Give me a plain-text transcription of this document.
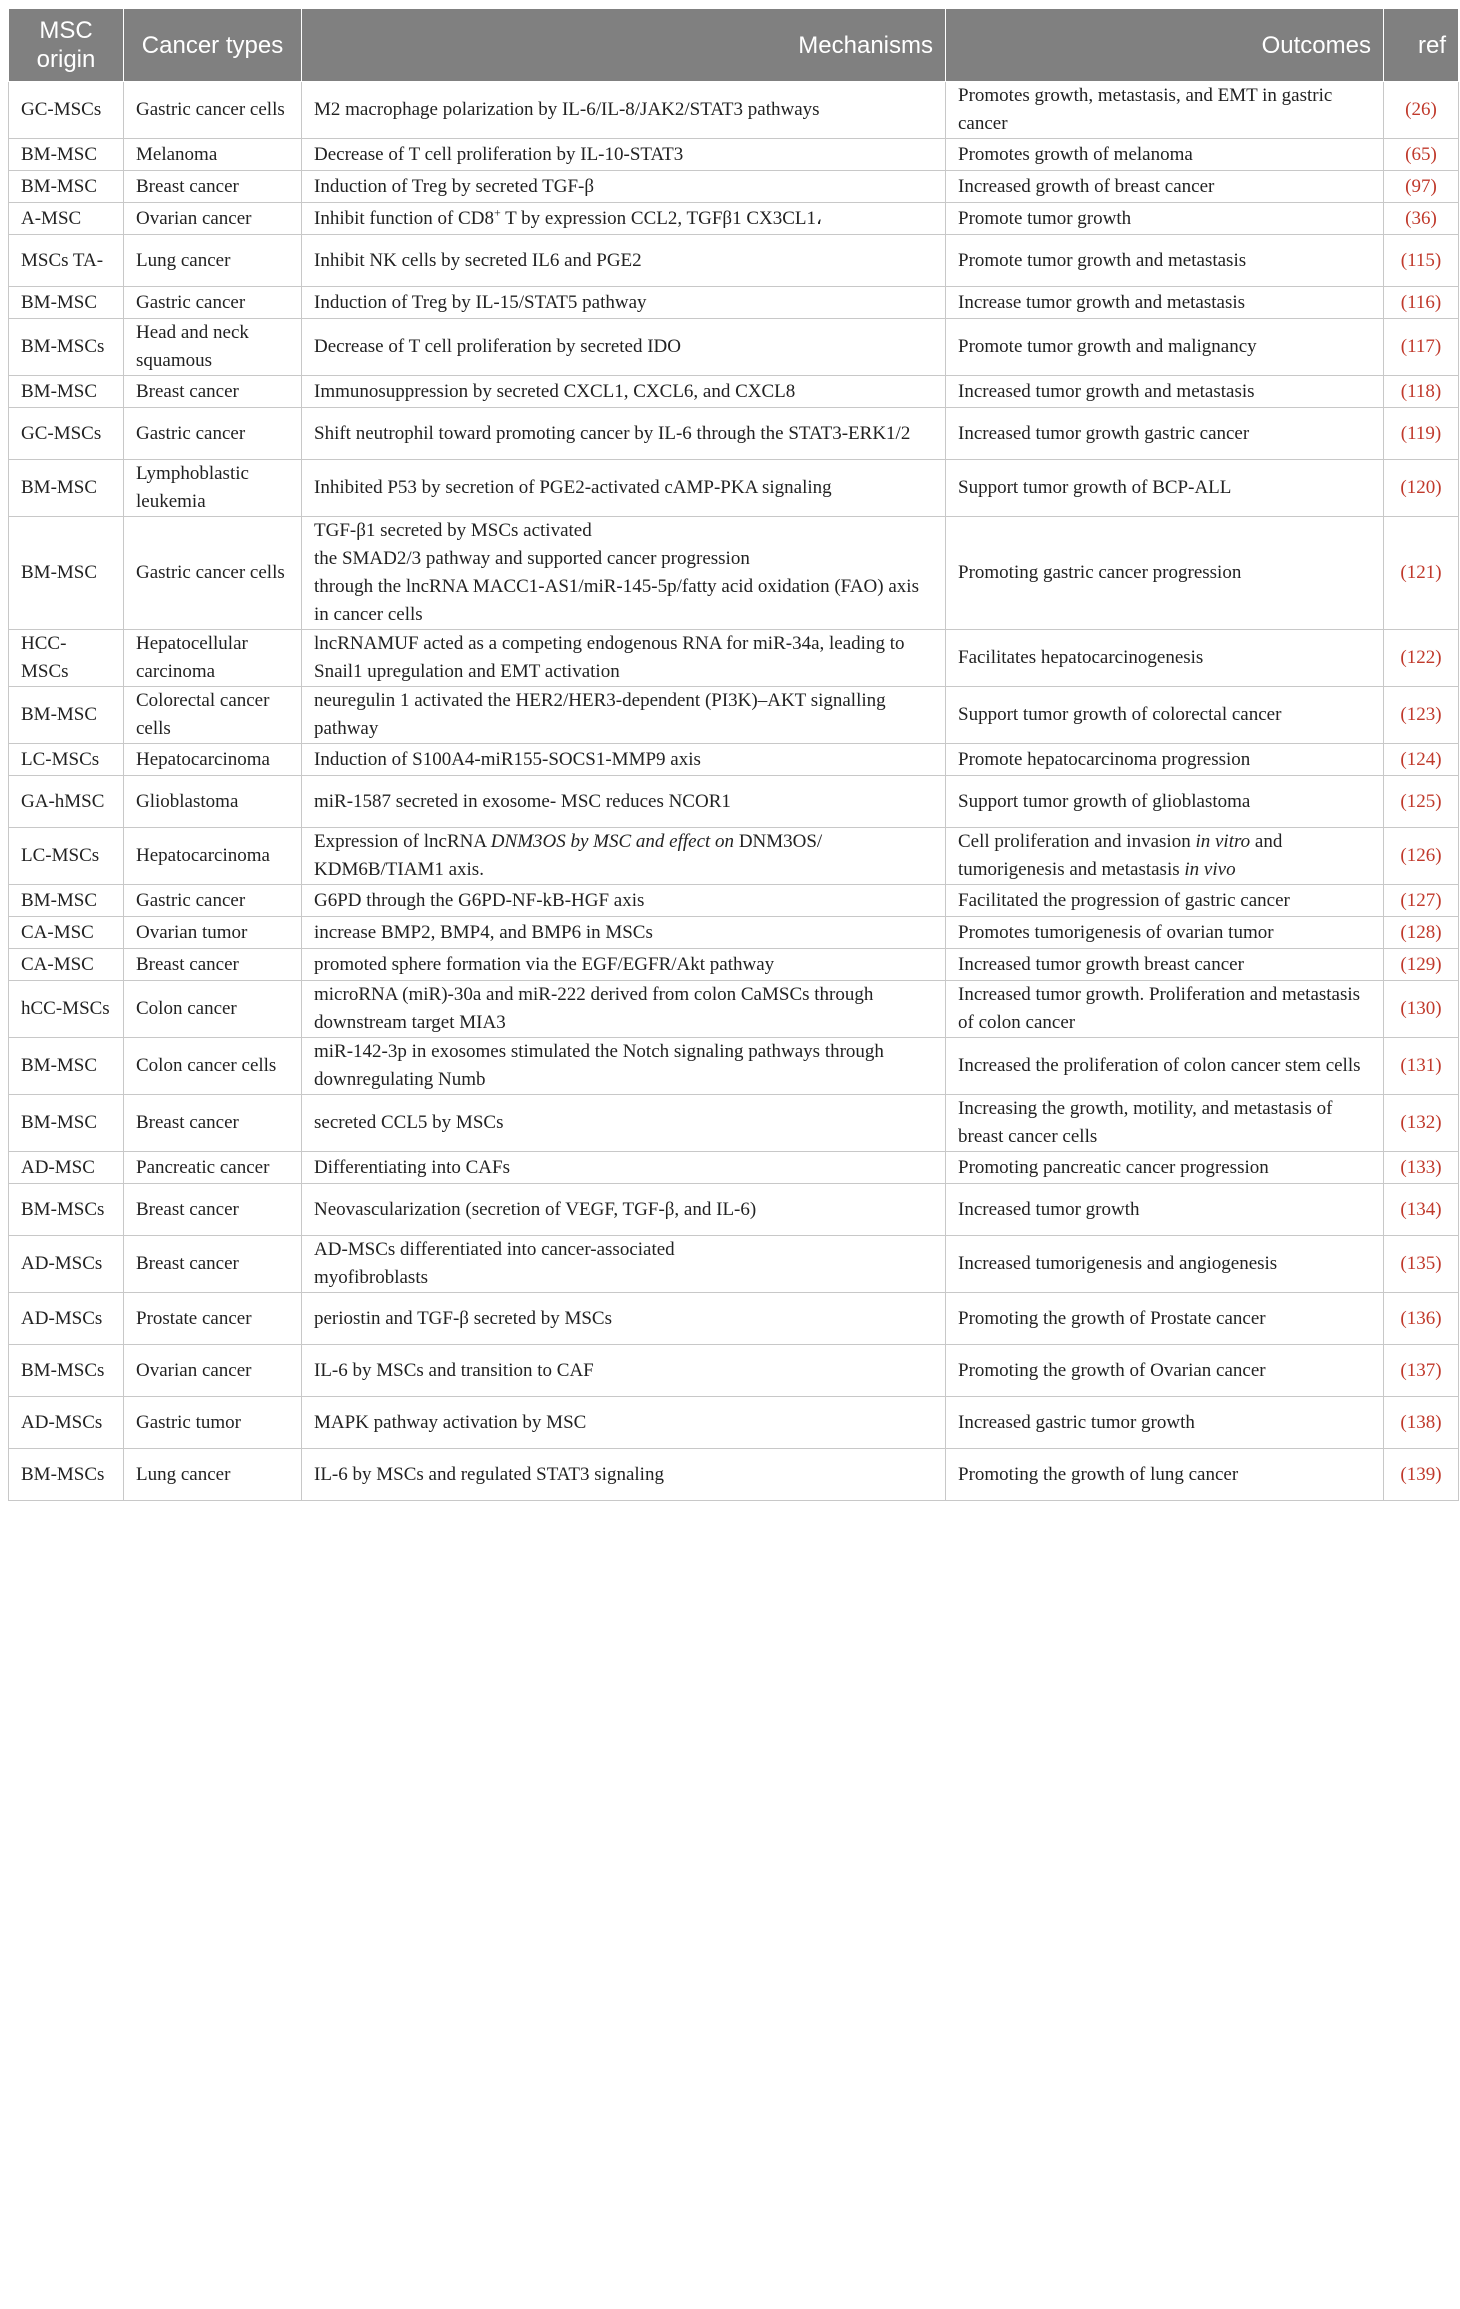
MSC origin	Cancer types	Mechanisms	Outcomes	ref
GC-MSCs	Gastric cancer cells	M2 macrophage polarization by IL-6/IL-8/JAK2/STAT3 pathways	Promotes growth, metastasis, and EMT in gastric cancer	(26)
BM-MSC	Melanoma	Decrease of T cell proliferation by IL-10-STAT3	Promotes growth of melanoma	(65)
BM-MSC	Breast cancer	Induction of Treg by secreted TGF-β	Increased growth of breast cancer	(97)
A-MSC	Ovarian cancer	Inhibit function of CD8+ T by expression CCL2, TGFβ1 CX3CL1،	Promote tumor growth	(36)
MSCs TA-	Lung cancer	Inhibit NK cells by secreted IL6 and PGE2	Promote tumor growth and metastasis	(115)
BM-MSC	Gastric cancer	Induction of Treg by IL-15/STAT5 pathway	Increase tumor growth and metastasis	(116)
BM-MSCs	Head and neck squamous	Decrease of T cell proliferation by secreted IDO	Promote tumor growth and malignancy	(117)
BM-MSC	Breast cancer	Immunosuppression by secreted CXCL1, CXCL6, and CXCL8	Increased tumor growth and metastasis	(118)
GC-MSCs	Gastric cancer	Shift neutrophil toward promoting cancer by IL-6 through the STAT3-ERK1/2	Increased tumor growth gastric cancer	(119)
BM-MSC	Lymphoblastic leukemia	Inhibited P53 by secretion of PGE2-activated cAMP-PKA signaling	Support tumor growth of BCP-ALL	(120)
BM-MSC	Gastric cancer cells	TGF-β1 secreted by MSCs activated
the SMAD2/3 pathway and supported cancer progression
through the lncRNA MACC1-AS1/miR-145-5p/fatty acid oxidation (FAO) axis in cancer cells	Promoting gastric cancer progression	(121)
HCC-MSCs	Hepatocellular carcinoma	lncRNAMUF acted as a competing endogenous RNA for miR-34a, leading to Snail1 upregulation and EMT activation	Facilitates hepatocarcinogenesis	(122)
BM-MSC	Colorectal cancer cells	neuregulin 1 activated the HER2/HER3-dependent (PI3K)–AKT signalling pathway	Support tumor growth of colorectal cancer	(123)
LC-MSCs	Hepatocarcinoma	Induction of S100A4-miR155-SOCS1-MMP9 axis	Promote hepatocarcinoma progression	(124)
GA-hMSC	Glioblastoma	miR-1587 secreted in exosome- MSC reduces NCOR1	Support tumor growth of glioblastoma	(125)
LC-MSCs	Hepatocarcinoma	Expression of lncRNA DNM3OS by MSC and effect on DNM3OS/ KDM6B/TIAM1 axis.	Cell proliferation and invasion in vitro and tumorigenesis and metastasis in vivo	(126)
BM-MSC	Gastric cancer	G6PD through the G6PD-NF-kB-HGF axis	Facilitated the progression of gastric cancer	(127)
CA-MSC	Ovarian tumor	increase BMP2, BMP4, and BMP6 in MSCs	Promotes tumorigenesis of ovarian tumor	(128)
CA-MSC	Breast cancer	promoted sphere formation via the EGF/EGFR/Akt pathway	Increased tumor growth breast cancer	(129)
hCC-MSCs	Colon cancer	microRNA (miR)-30a and miR-222 derived from colon CaMSCs through downstream target MIA3	Increased tumor growth. Proliferation and metastasis of colon cancer	(130)
BM-MSC	Colon cancer cells	miR-142-3p in exosomes stimulated the Notch signaling pathways through downregulating Numb	Increased the proliferation of colon cancer stem cells	(131)
BM-MSC	Breast cancer	secreted CCL5 by MSCs	Increasing the growth, motility, and metastasis of breast cancer cells	(132)
AD-MSC	Pancreatic cancer	Differentiating into CAFs	Promoting pancreatic cancer progression	(133)
BM-MSCs	Breast cancer	Neovascularization (secretion of VEGF, TGF-β, and IL-6)	Increased tumor growth	(134)
AD-MSCs	Breast cancer	AD-MSCs differentiated into cancer-associated
myofibroblasts	Increased tumorigenesis and angiogenesis	(135)
AD-MSCs	Prostate cancer	periostin and TGF-β secreted by MSCs	Promoting the growth of Prostate cancer	(136)
BM-MSCs	Ovarian cancer	IL-6 by MSCs and transition to CAF	Promoting the growth of Ovarian cancer	(137)
AD-MSCs	Gastric tumor	MAPK pathway activation by MSC	Increased gastric tumor growth	(138)
BM-MSCs	Lung cancer	IL-6 by MSCs and regulated STAT3 signaling	Promoting the growth of lung cancer	(139)
